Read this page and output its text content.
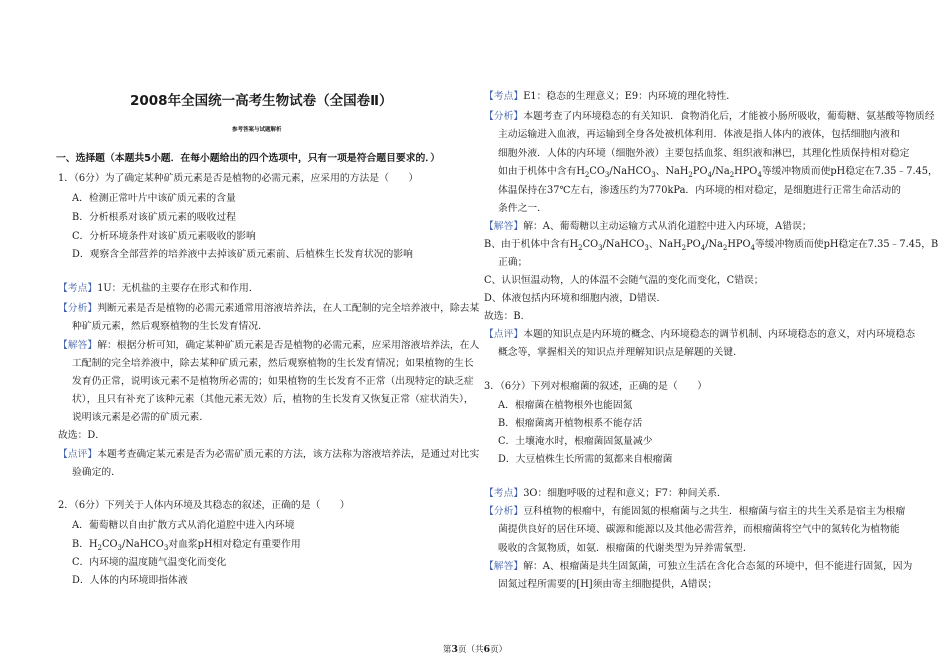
2008年全国统一高考生物试卷（全国卷Ⅱ）
参考答案与试题解析
一、选择题（本题共5小题．在每小题给出的四个选项中，只有一项是符合题目要求的．）
1．（6分）为了确定某种矿质元素是否是植物的必需元素，应采用的方法是（　　）
A．检测正常叶片中该矿质元素的含量
B．分析根系对该矿质元素的吸收过程
C．分析环境条件对该矿质元素吸收的影响
D．观察含全部营养的培养液中去掉该矿质元素前、后植株生长发育状况的影响
【考点】1U：无机盐的主要存在形式和作用．
【分析】判断元素是否是植物的必需元素通常用溶液培养法，在人工配制的完全培养液中，除去某
种矿质元素，然后观察植物的生长发育情况．
【解答】解：根据分析可知，确定某种矿质元素是否是植物的必需元素，应采用溶液培养法，在人
工配制的完全培养液中，除去某种矿质元素，然后观察植物的生长发育情况；如果植物的生长
发育仍正常，说明该元素不是植物所必需的；如果植物的生长发育不正常（出现特定的缺乏症
状），且只有补充了该种元素（其他元素无效）后，植物的生长发育又恢复正常（症状消失），
说明该元素是必需的矿质元素．
故选：D．
【点评】本题考查确定某元素是否为必需矿质元素的方法，该方法称为溶液培养法，是通过对比实
验确定的．
2．（6分）下列关于人体内环境及其稳态的叙述，正确的是（　　）
A．葡萄糖以自由扩散方式从消化道腔中进入内环境
B．$H_2CO_3/NaHCO_3$对血浆pH相对稳定有重要作用
C．内环境的温度随气温变化而变化
D．人体的内环境即指体液
【考点】E1：稳态的生理意义；E9：内环境的理化特性．
【分析】本题考查了内环境稳态的有关知识．食物消化后，才能被小肠所吸收，葡萄糖、氨基酸等物质经
主动运输进入血液，再运输到全身各处被机体利用．体液是指人体内的液体，包括细胞内液和
细胞外液．人体的内环境（细胞外液）主要包括血浆、组织液和淋巴，其理化性质保持相对稳定
如由于机体中含有$H_2CO_3/NaHCO_3$、$NaH_2PO_4/Na_2HPO_4$等缓冲物质而使pH稳定在7.35﹣7.45，
体温保持在37℃左右，渗透压约为770kPa．内环境的相对稳定，是细胞进行正常生命活动的
条件之一．
【解答】解：A、葡萄糖以主动运输方式从消化道腔中进入内环境，A错误；
B、由于机体中含有$H_2CO_3/NaHCO_3$、$NaH_2PO_4/Na_2HPO_4$等缓冲物质而使pH稳定在7.35﹣7.45，B
正确；
C、认识恒温动物，人的体温不会随气温的变化而变化，C错误；
D、体液包括内环境和细胞内液，D错误．
故选：B．
【点评】本题的知识点是内环境的概念、内环境稳态的调节机制、内环境稳态的意义，对内环境稳态
概念等，掌握相关的知识点并理解知识点是解题的关键．
3．（6分）下列对根瘤菌的叙述，正确的是（　　）
A．根瘤菌在植物根外也能固氮
B．根瘤菌离开植物根系不能存活
C．土壤淹水时，根瘤菌固氮量减少
D．大豆植株生长所需的氮都来自根瘤菌
【考点】3O：细胞呼吸的过程和意义；F7：种间关系．
【分析】豆科植物的根瘤中，有能固氮的根瘤菌与之共生．根瘤菌与宿主的共生关系是宿主为根瘤
菌提供良好的居住环境、碳源和能源以及其他必需营养，而根瘤菌将空气中的氮转化为植物能
吸收的含氮物质，如氨．根瘤菌的代谢类型为异养需氧型．
【解答】解：A、根瘤菌是共生固氮菌，可独立生活在含化合态氮的环境中，但不能进行固氮，因为
固氮过程所需要的[H]须由寄主细胞提供，A错误；
第3页（共6页）
